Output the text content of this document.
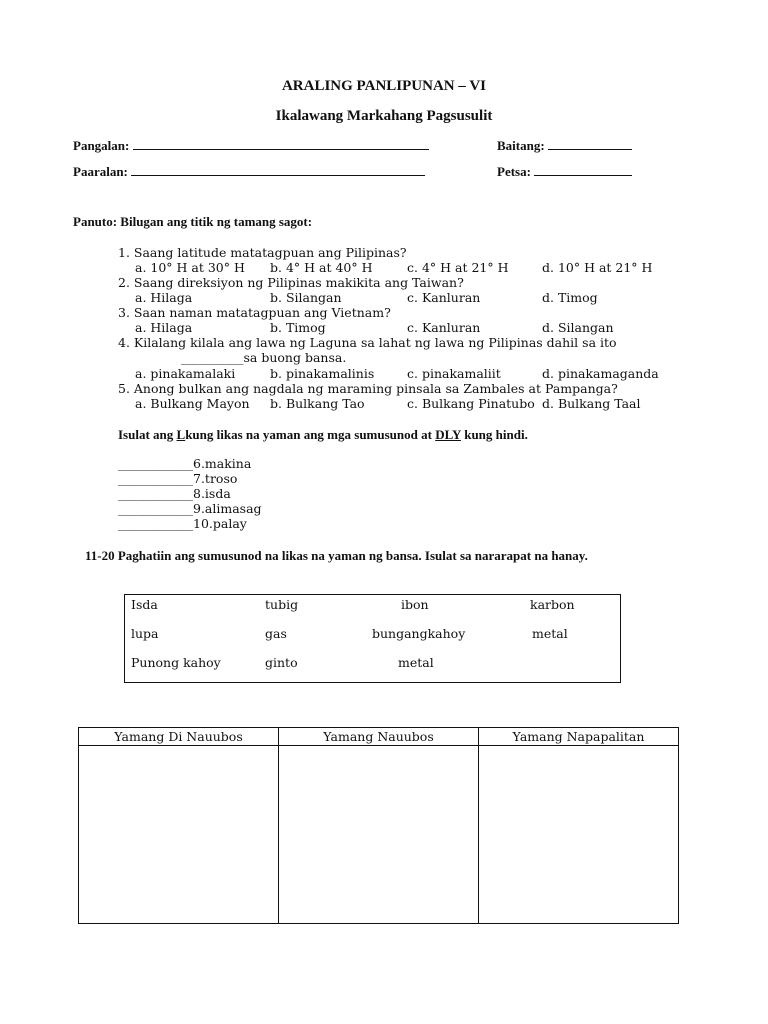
ARALING PANLIPUNAN – VI
Ikalawang Markahang Pagsusulit
Pangalan:	Baitang:
Paaralan:	Petsa:
Panuto: Bilugan ang titik ng tamang sagot:
1. Saang latitude matatagpuan ang Pilipinas?
a. 10° H at 30° H b. 4° H at 40° H	c. 4° H at 21° H	d. 10° H at 21° H
2. Saang direksiyon ng Pilipinas makikita ang Taiwan?
a. Hilaga	b. Silangan	c. Kanluran	d. Timog
3. Saan naman matatagpuan ang Vietnam?
a. Hilaga	b. Timog	c. Kanluran	d. Silangan
4. Kilalang kilala ang lawa ng Laguna sa lahat ng lawa ng Pilipinas dahil sa ito
__________sa buong bansa.
a. pinakamalaki	b. pinakamalinis	c. pinakamaliit	d. pinakamaganda
5. Anong bulkan ang nagdala ng maraming pinsala sa Zambales at Pampanga?
a. Bulkang Mayon b. Bulkang Tao	c. Bulkang Pinatubo d. Bulkang Taal
Isulat ang Lkung likas na yaman ang mga sumusunod at DLY kung hindi.
____________6.makina
____________7.troso
____________8.isda
____________9.alimasag
____________10.palay
11-20 Paghatiin ang sumusunod na likas na yaman ng bansa. Isulat sa nararapat na hanay.
Isda	tubig	ibon	karbon
lupa	gas	bungangkahoy	metal
Punong kahoy	ginto	metal
Yamang Di Nauubos	Yamang Nauubos	Yamang Napapalitan
